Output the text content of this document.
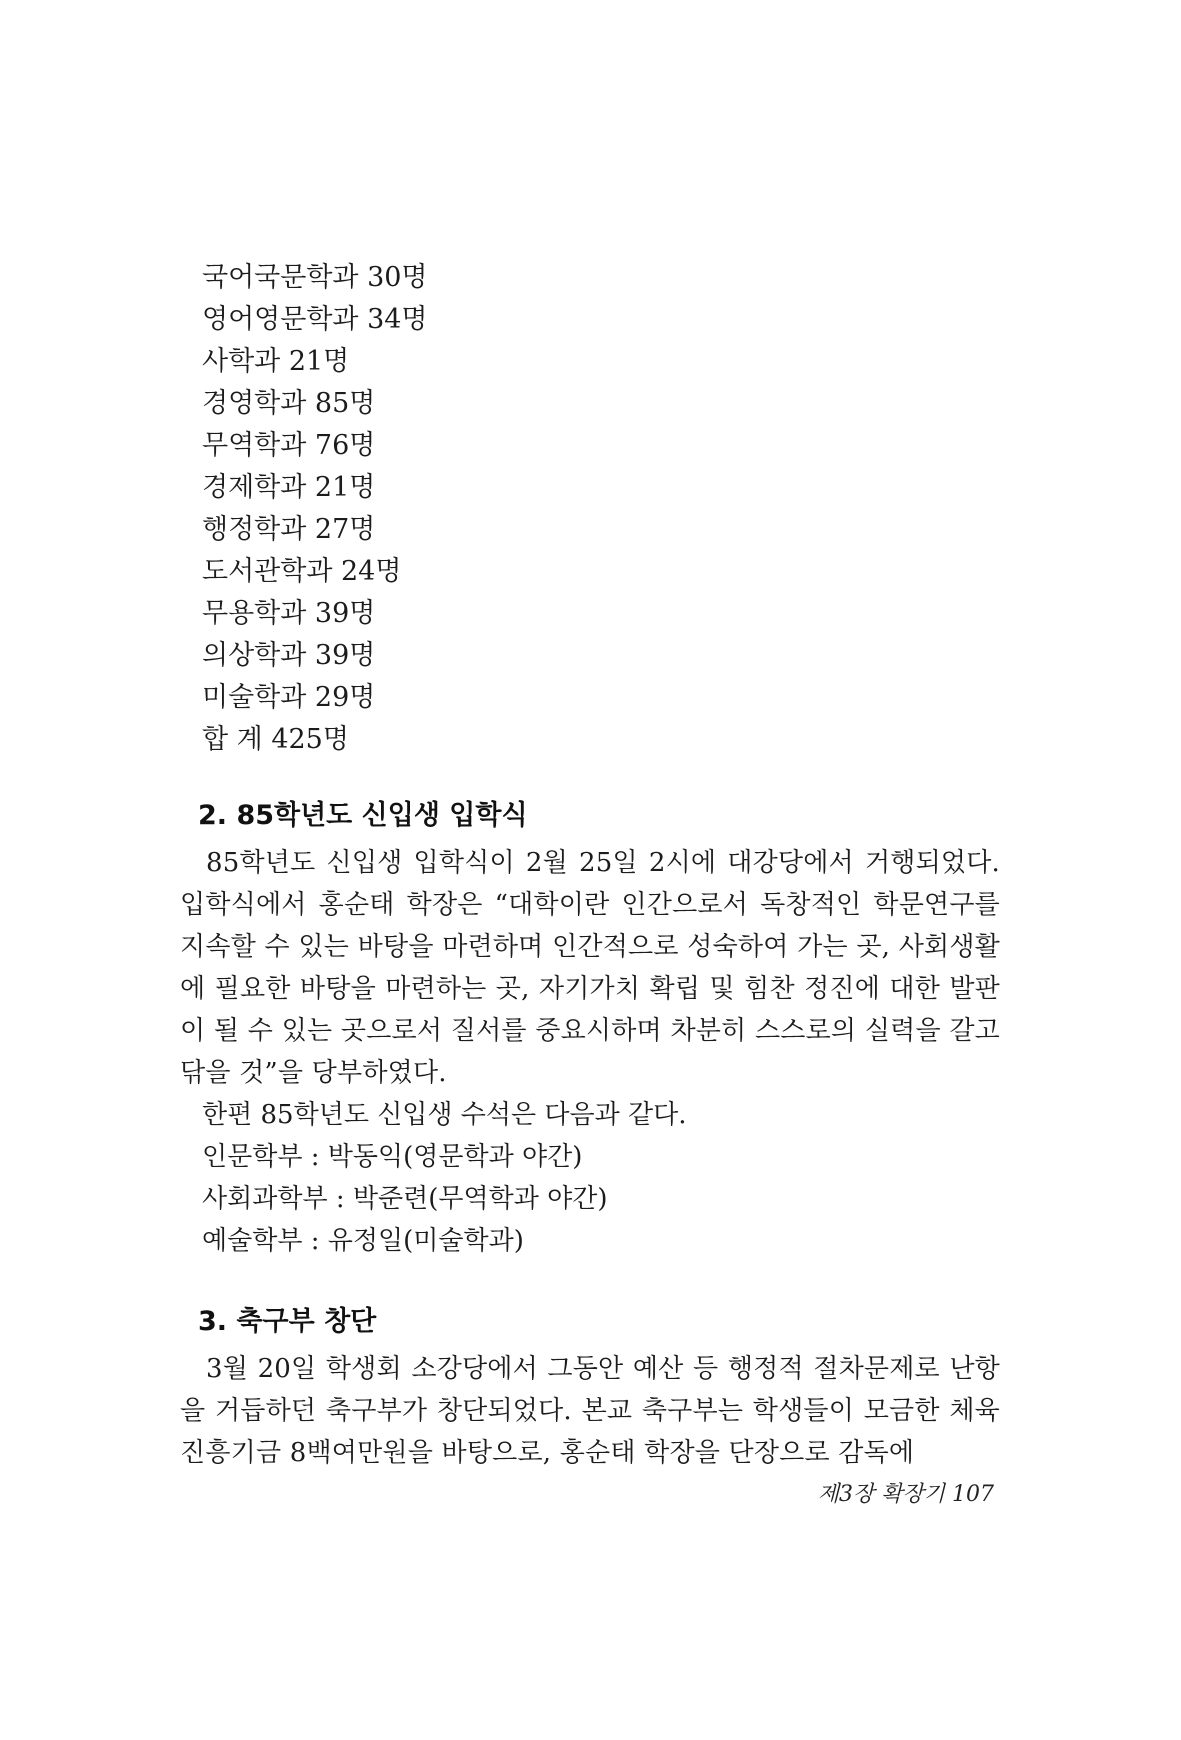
국어국문학과 30명
영어영문학과 34명
사학과 21명
경영학과 85명
무역학과 76명
경제학과 21명
행정학과 27명
도서관학과 24명
무용학과 39명
의상학과 39명
미술학과 29명
합 계 425명
2. 85학년도 신입생 입학식

85학년도 신입생 입학식이 2월 25일 2시에 대강당에서 거행되었다. 입학식에서 홍순태 학장은 “대학이란 인간으로서 독창적인 학문연구를 지속할 수 있는 바탕을 마련하며 인간적으로 성숙하여 가는 곳, 사회생활에 필요한 바탕을 마련하는 곳, 자기가치 확립 및 힘찬 정진에 대한 발판이 될 수 있는 곳으로서 질서를 중요시하며 차분히 스스로의 실력을 갈고 닦을 것”을 당부하였다.

한편 85학년도 신입생 수석은 다음과 같다.

인문학부 : 박동익(영문학과 야간)

사회과학부 : 박준련(무역학과 야간)

예술학부 : 유정일(미술학과)

3. 축구부 창단

3월 20일 학생회 소강당에서 그동안 예산 등 행정적 절차문제로 난항을 거듭하던 축구부가 창단되었다. 본교 축구부는 학생들이 모금한 체육진흥기금 8백여만원을 바탕으로, 홍순태 학장을 단장으로 감독에

제3장 확장기 107
